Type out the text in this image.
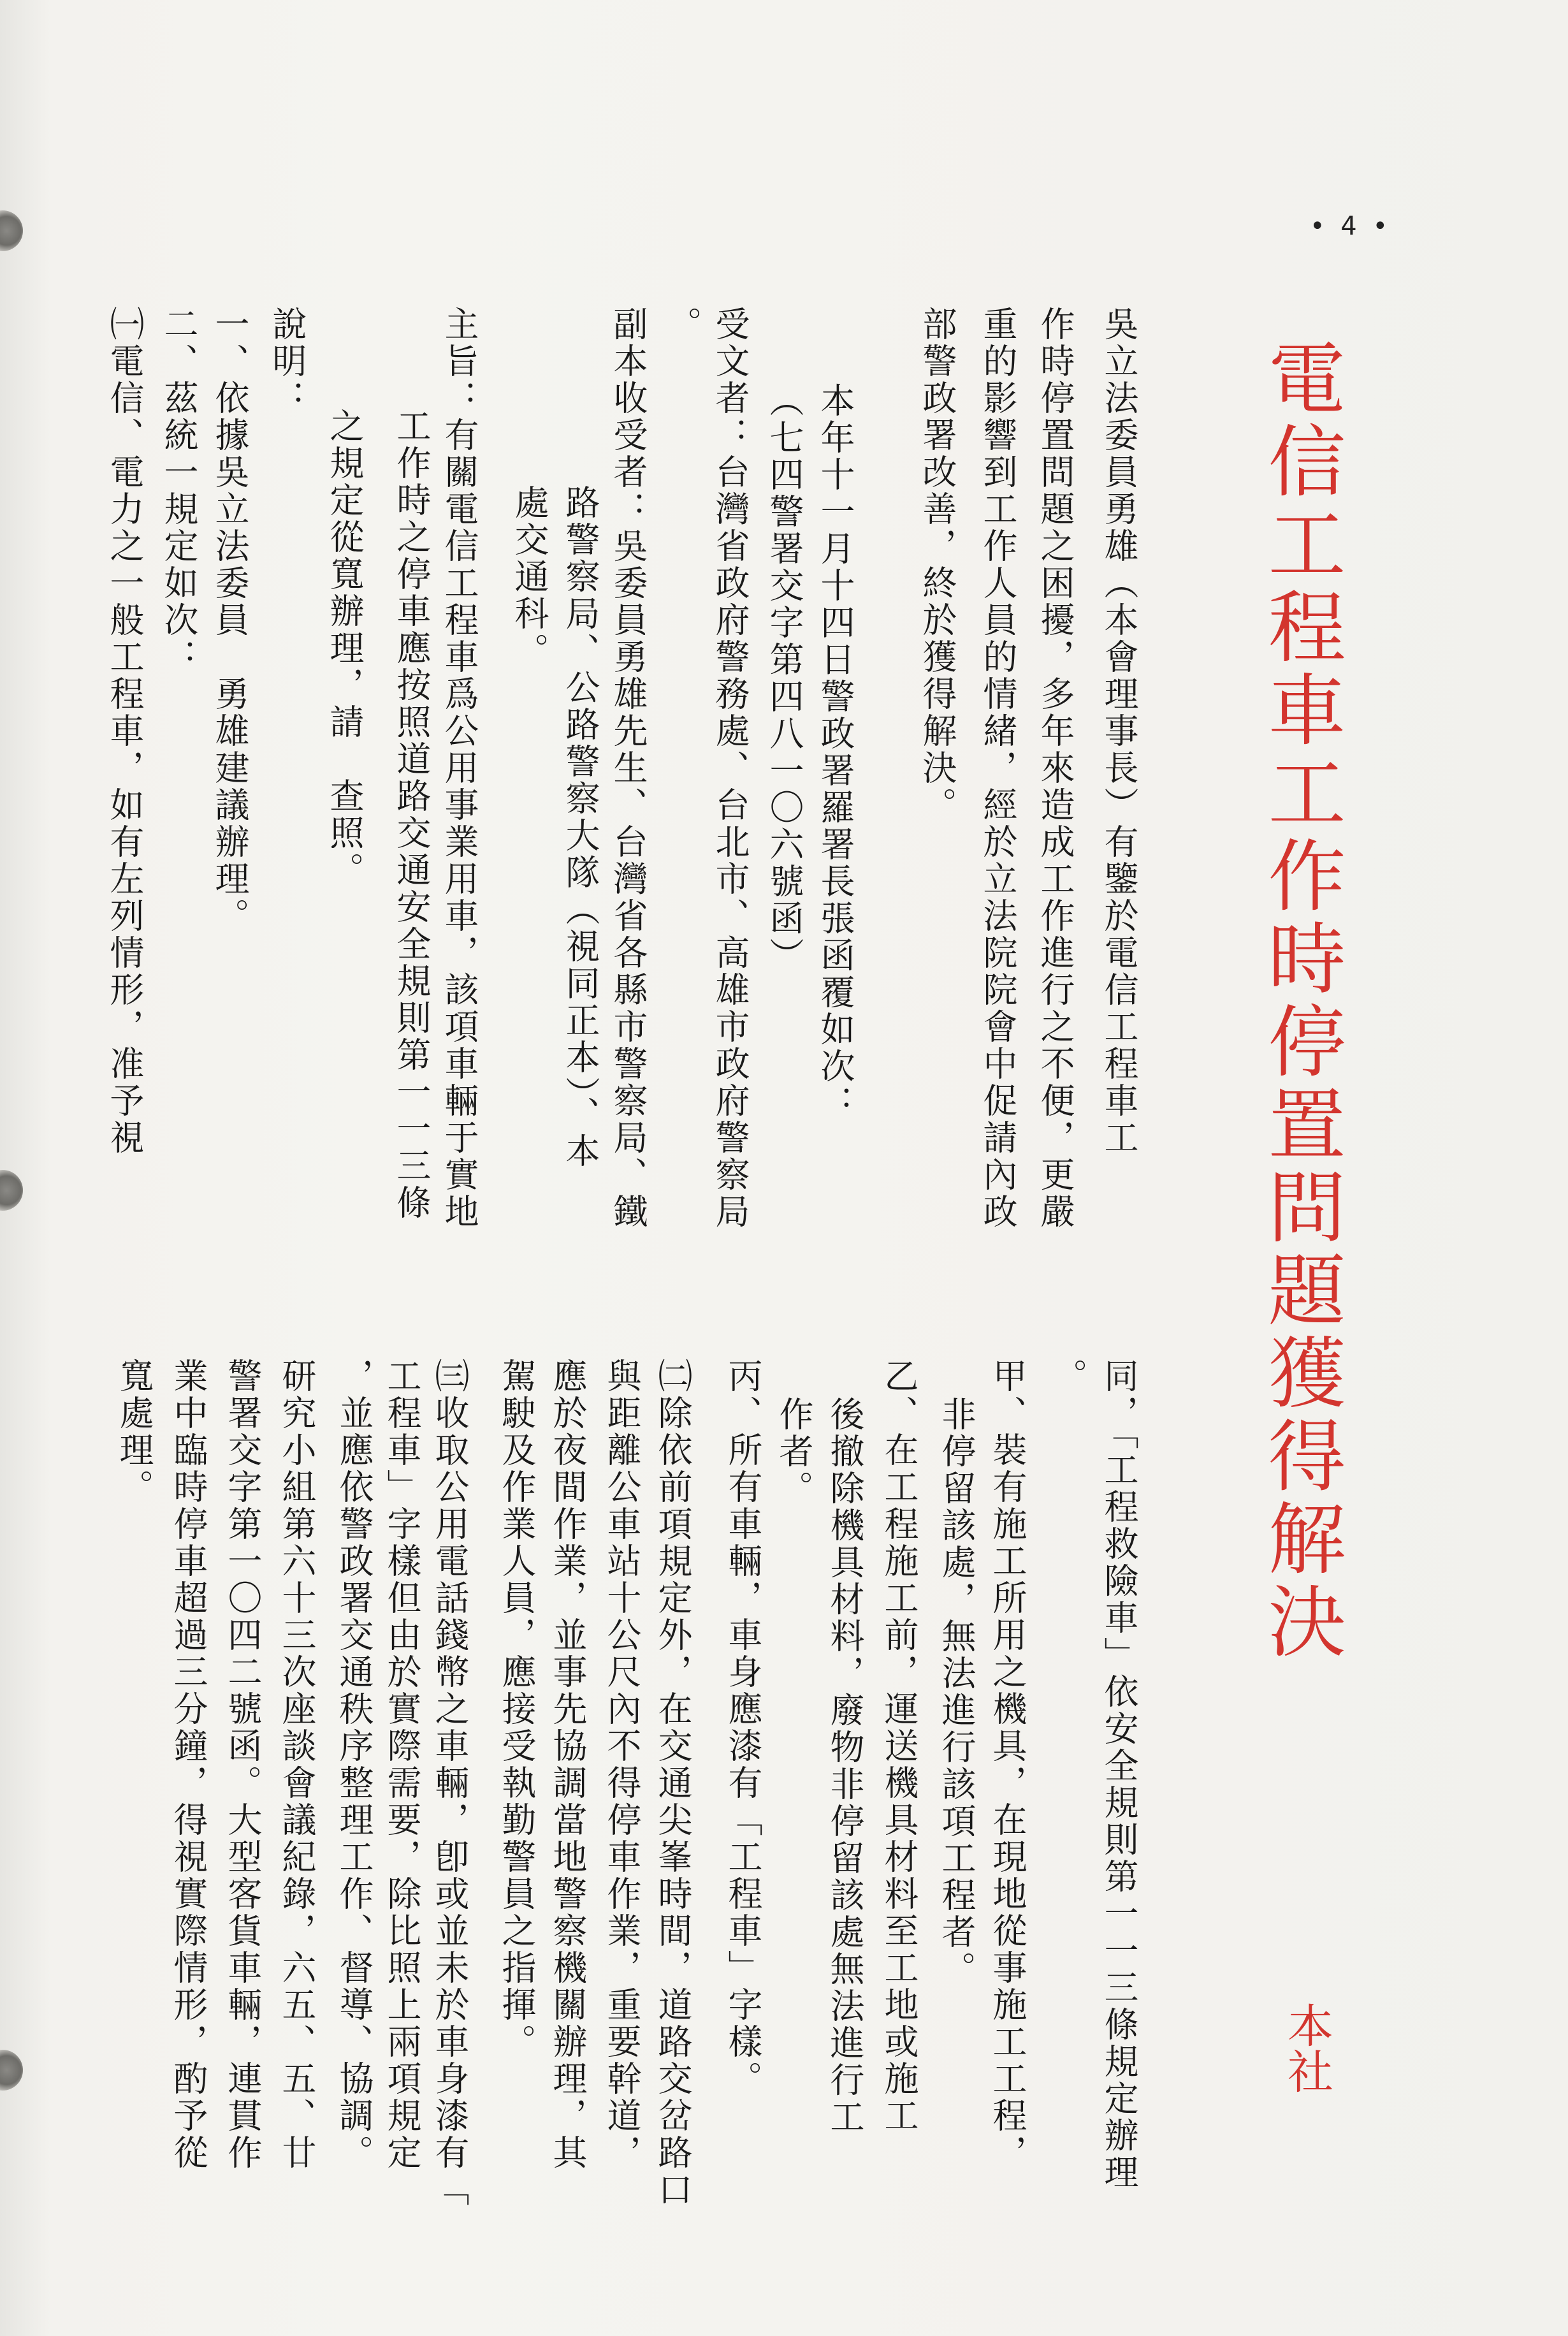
• 4 •
電信工程車工作時停置問題獲得解決
本社
吳立法委員勇雄（本會理事長）有鑒於電信工程車工
作時停置問題之困擾，多年來造成工作進行之不便，更嚴
重的影響到工作人員的情緒，經於立法院院會中促請內政
部警政署改善，終於獲得解決。
本年十一月十四日警政署羅署長張函覆如次：
（七四警署交字第四八一〇六號函）
受文者：台灣省政府警務處、台北市、高雄市政府警察局
。
副本收受者：吳委員勇雄先生、台灣省各縣市警察局、鐵
路警察局、公路警察大隊（視同正本）、本
處交通科。
主旨：有關電信工程車爲公用事業用車，該項車輛于實地
工作時之停車應按照道路交通安全規則第一一三條
之規定從寬辦理，請　查照。
說明：
一、依據吳立法委員　勇雄建議辦理。
二、茲統一規定如次：
㈠電信、電力之一般工程車，如有左列情形，准予視
同，「工程救險車」依安全規則第一一三條規定辦理
。
甲、裝有施工所用之機具，在現地從事施工工程，
非停留該處，無法進行該項工程者。
乙、在工程施工前，運送機具材料至工地或施工
後撤除機具材料，廢物非停留該處無法進行工
作者。
丙、所有車輛，車身應漆有「工程車」字樣。
㈡除依前項規定外，在交通尖峯時間，道路交岔路口
與距離公車站十公尺內不得停車作業，重要幹道，
應於夜間作業，並事先協調當地警察機關辦理，其
駕駛及作業人員，應接受執勤警員之指揮。
㈢收取公用電話錢幣之車輛，卽或並未於車身漆有「
工程車」字樣但由於實際需要，除比照上兩項規定
，並應依警政署交通秩序整理工作、督導、協調。
研究小組第六十三次座談會議紀錄，六五、五、廿
警署交字第一〇四二號函。大型客貨車輛，連貫作
業中臨時停車超過三分鐘，得視實際情形，酌予從
寬處理。
